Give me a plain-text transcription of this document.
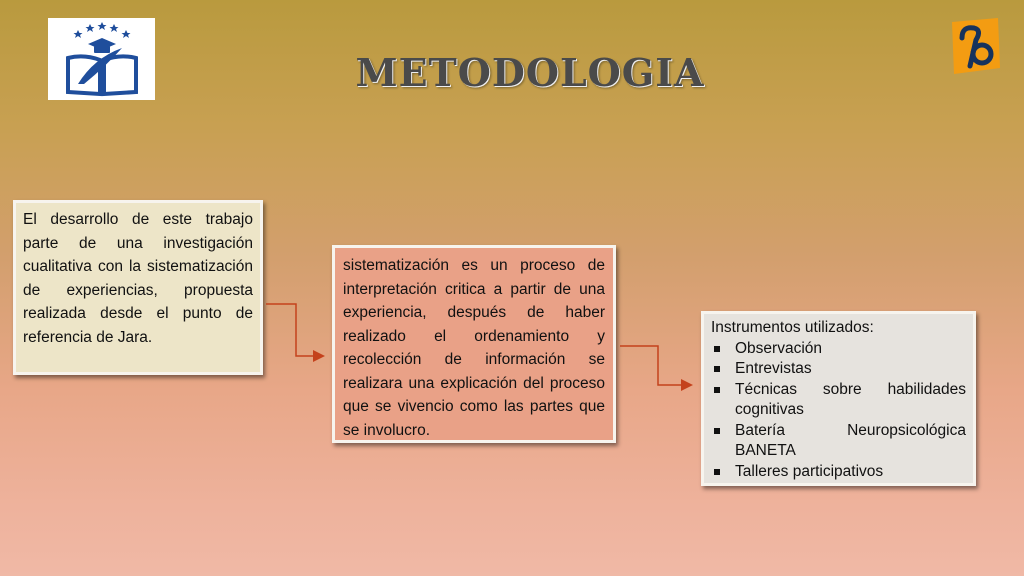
METODOLOGIA

El desarrollo de este trabajo parte de una investigación cualitativa con la sistematización de experiencias, propuesta realizada desde el punto de referencia de Jara.

sistematización es un proceso de interpretación critica a partir de una experiencia, después de haber realizado el ordenamiento y recolección de información se realizara una explicación del proceso que se vivencio como las partes que se involucro.

Instrumentos utilizados:

Observación
Entrevistas
Técnicas sobre habilidades cognitivas
Batería Neuropsicológica BANETA
Talleres participativos
